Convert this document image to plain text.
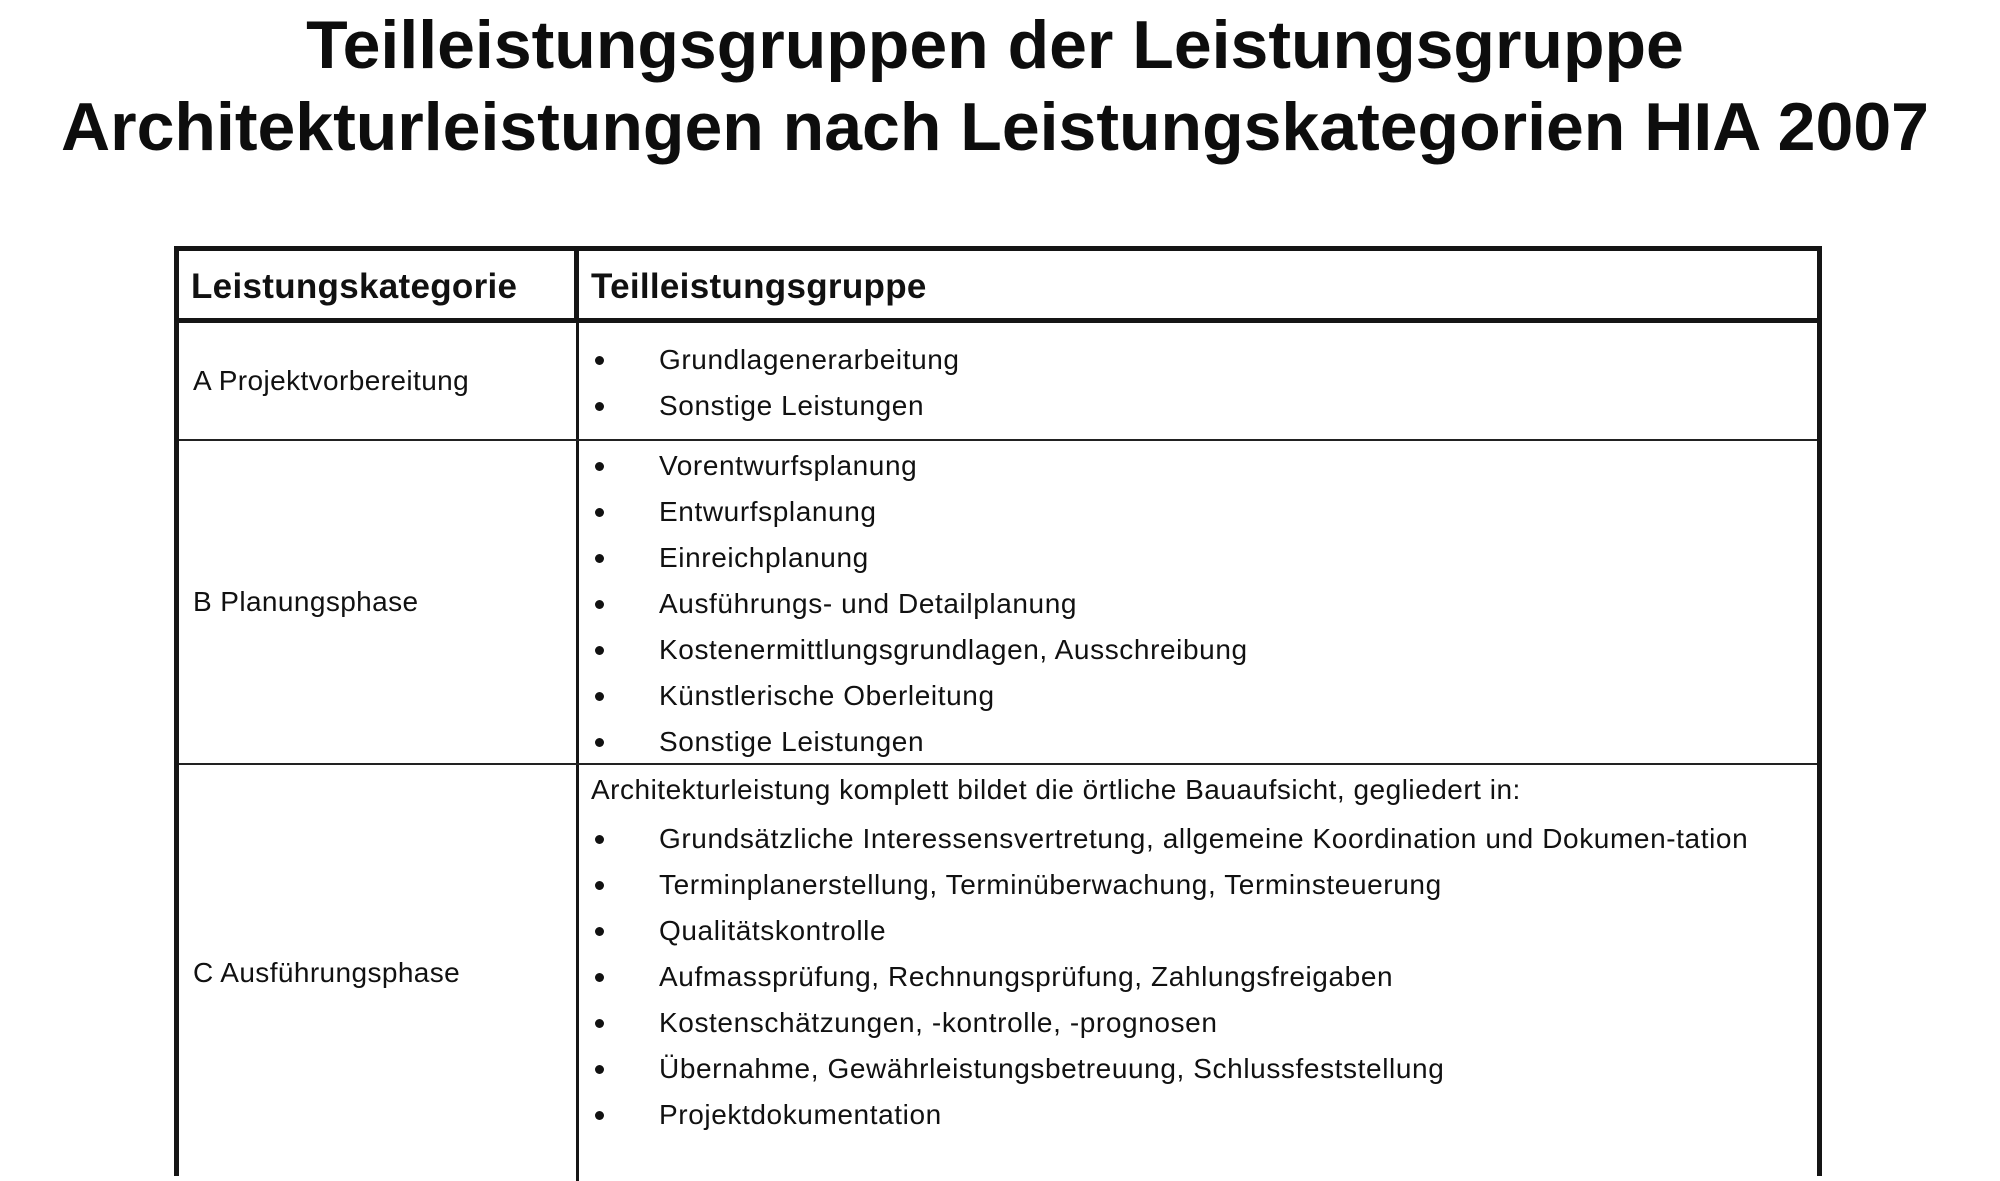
Teilleistungsgruppen der Leistungsgruppe
Architekturleistungen nach Leistungskategorien HIA 2007
Leistungskategorie	Teilleistungsgruppe
A Projektvorbereitung
Grundlagenerarbeitung
Sonstige Leistungen
B Planungsphase
Vorentwurfsplanung
Entwurfsplanung
Einreichplanung
Ausführungs- und Detailplanung
Kostenermittlungsgrundlagen, Ausschreibung
Künstlerische Oberleitung
Sonstige Leistungen
C Ausführungsphase
Architekturleistung komplett bildet die örtliche Bauaufsicht, gegliedert in:
Grundsätzliche Interessensvertretung, allgemeine Koordination und Dokumen-tation
Terminplanerstellung, Terminüberwachung, Terminsteuerung
Qualitätskontrolle
Aufmassprüfung, Rechnungsprüfung, Zahlungsfreigaben
Kostenschätzungen, -kontrolle, -prognosen
Übernahme, Gewährleistungsbetreuung, Schlussfeststellung
Projektdokumentation
